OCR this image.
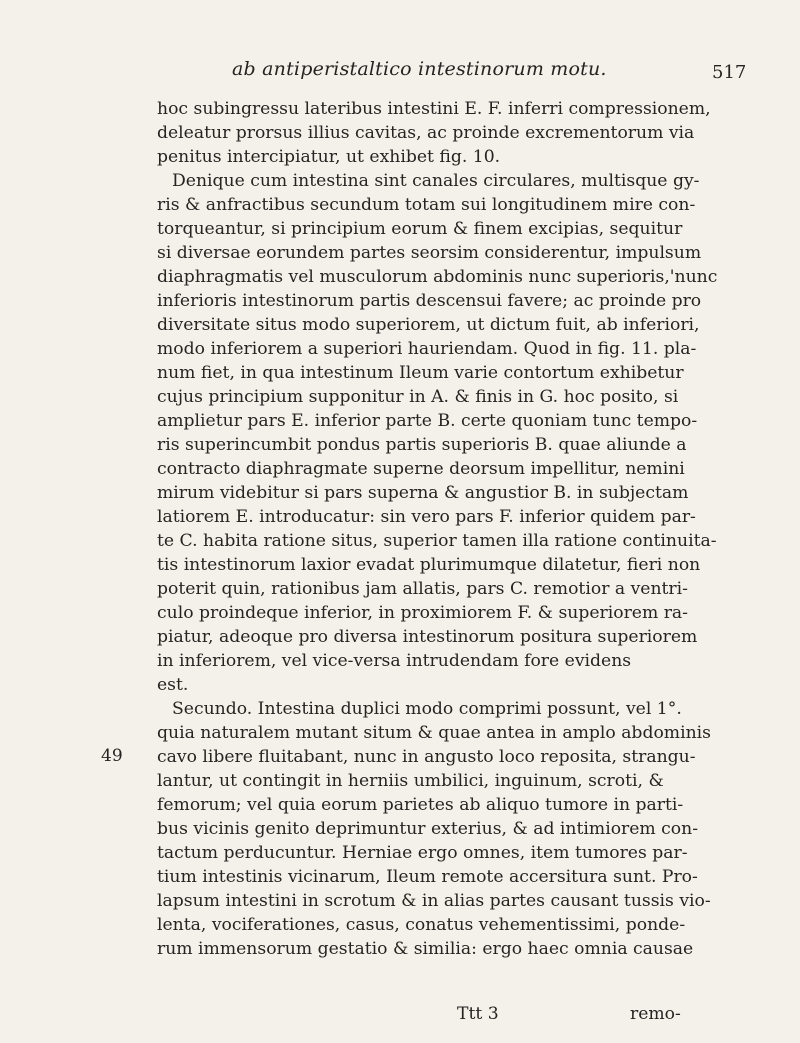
ab antiperistaltico intestinorum motu.	517
49
hoc subingressu lateribus intestini E. F. inferri compressionem,
deleatur prorsus illius cavitas, ac proinde excrementorum via
penitus intercipiatur, ut exhibet fig. 10.
Denique cum intestina sint canales circulares, multisque gy-
ris & anfractibus secundum totam sui longitudinem mire con-
torqueantur, si principium eorum & finem excipias, sequitur
si diversae eorundem partes seorsim considerentur, impulsum
diaphragmatis vel musculorum abdominis nunc superioris,'nunc
inferioris intestinorum partis descensui favere; ac proinde pro
diversitate situs modo superiorem, ut dictum fuit, ab inferiori,
modo inferiorem a superiori hauriendam. Quod in fig. 11. pla-
num fiet, in qua intestinum Ileum varie contortum exhibetur
cujus principium supponitur in A. & finis in G. hoc posito, si
amplietur pars E. inferior parte B. certe quoniam tunc tempo-
ris superincumbit pondus partis superioris B. quae aliunde a
contracto diaphragmate superne deorsum impellitur, nemini
mirum videbitur si pars superna & angustior B. in subjectam
latiorem E. introducatur: sin vero pars F. inferior quidem par-
te C. habita ratione situs, superior tamen illa ratione continuita-
tis intestinorum laxior evadat plurimumque dilatetur, fieri non
poterit quin, rationibus jam allatis, pars C. remotior a ventri-
culo proindeque inferior, in proximiorem F. & superiorem ra-
piatur, adeoque pro diversa intestinorum positura superiorem
in inferiorem, vel vice-versa intrudendam fore evidens
est.
Secundo. Intestina duplici modo comprimi possunt, vel 1°.
quia naturalem mutant situm & quae antea in amplo abdominis
cavo libere fluitabant, nunc in angusto loco reposita, strangu-
lantur, ut contingit in herniis umbilici, inguinum, scroti, &
femorum; vel quia eorum parietes ab aliquo tumore in parti-
bus vicinis genito deprimuntur exterius, & ad intimiorem con-
tactum perducuntur. Herniae ergo omnes, item tumores par-
tium intestinis vicinarum, Ileum remote accersitura sunt. Pro-
lapsum intestini in scrotum & in alias partes causant tussis vio-
lenta, vociferationes, casus, conatus vehementissimi, ponde-
rum immensorum gestatio & similia: ergo haec omnia causae
Ttt 3	remo-
